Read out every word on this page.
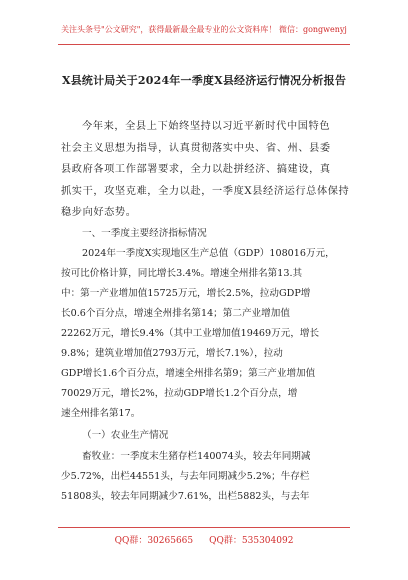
关注头条号"公文研究"，获得最新最全最专业的公文资料库！ 微信：gongwenyj
X县统计局关于2024年一季度X县经济运行情况分析报告
今年来，全县上下始终坚持以习近平新时代中国特色
社会主义思想为指导，认真贯彻落实中央、省、州、县委
县政府各项工作部署要求，全力以赴拼经济、搞建设，真
抓实干，攻坚克难，全力以赴，一季度X县经济运行总体保持
稳步向好态势。
一、一季度主要经济指标情况
2024年一季度X实现地区生产总值（GDP）108016万元，
按可比价格计算，同比增长3.4%。增速全州排名第13.其
中：第一产业增加值15725万元，增长2.5%，拉动GDP增
长0.6个百分点，增速全州排名第14；第二产业增加值
22262万元，增长9.4%（其中工业增加值19469万元，增长
9.8%；建筑业增加值2793万元，增长7.1%），拉动
GDP增长1.6个百分点，增速全州排名第9；第三产业增加值
70029万元，增长2%，拉动GDP增长1.2个百分点，增
速全州排名第17。
（一）农业生产情况
畜牧业：一季度末生猪存栏140074头，较去年同期减
少5.72%，出栏44551头，与去年同期减少5.2%；牛存栏
51808头，较去年同期减少7.61%，出栏5882头，与去年
QQ群：30265665 QQ群：535304092
